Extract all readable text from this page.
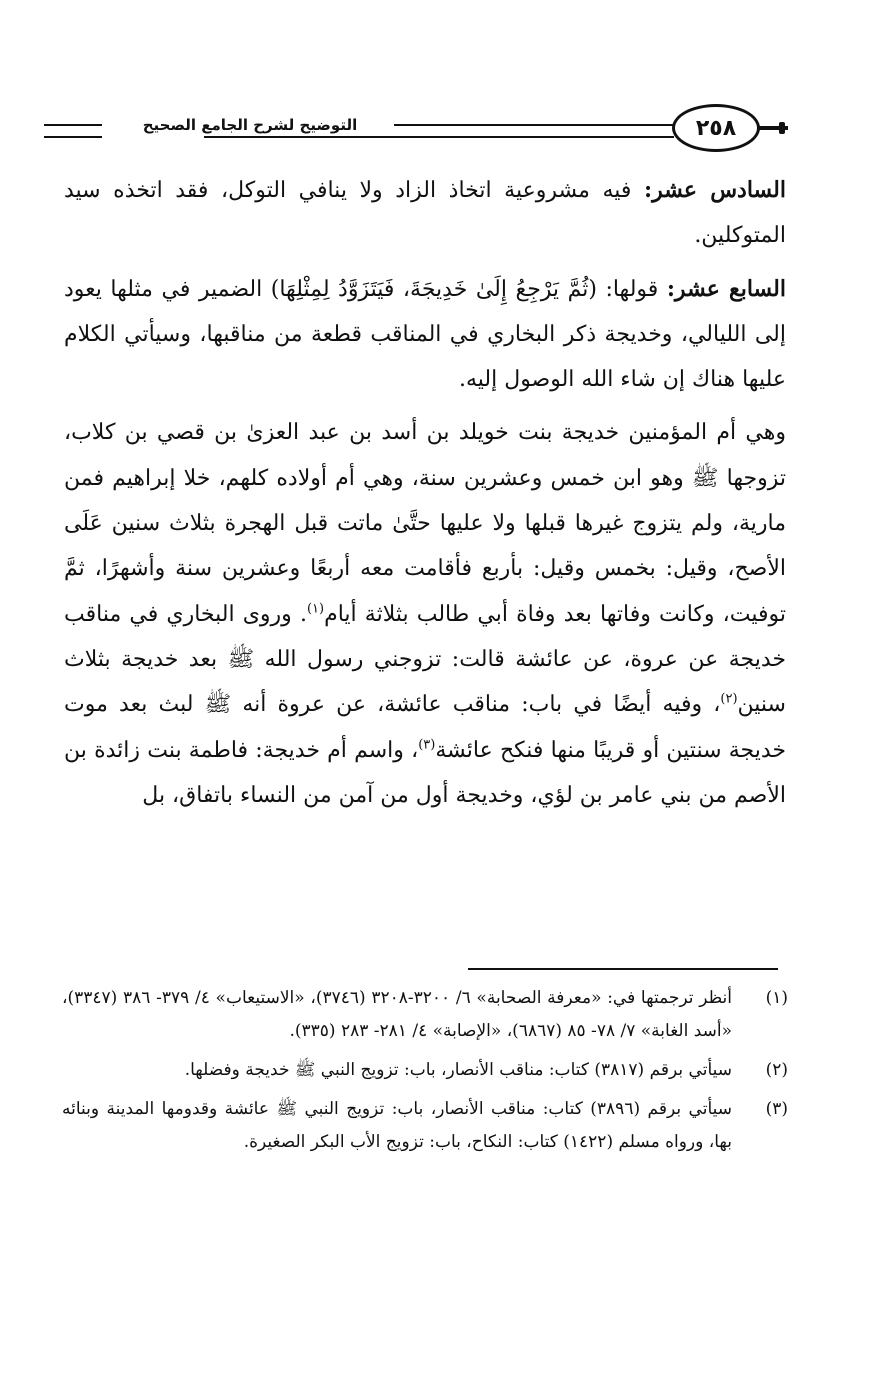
التوضيح لشرح الجامع الصحيح	٢٥٨

السادس عشر: فيه مشروعية اتخاذ الزاد ولا ينافي التوكل، فقد اتخذه سيد المتوكلين.

السابع عشر: قولها: (ثُمَّ يَرْجِعُ إِلَىٰ خَدِيجَةَ، فَيَتَزَوَّدُ لِمِثْلِهَا) الضمير في مثلها يعود إلى الليالي، وخديجة ذكر البخاري في المناقب قطعة من مناقبها، وسيأتي الكلام عليها هناك إن شاء الله الوصول إليه.

وهي أم المؤمنين خديجة بنت خويلد بن أسد بن عبد العزىٰ بن قصي بن كلاب، تزوجها ﷺ وهو ابن خمس وعشرين سنة، وهي أم أولاده كلهم، خلا إبراهيم فمن مارية، ولم يتزوج غيرها قبلها ولا عليها حتَّىٰ ماتت قبل الهجرة بثلاث سنين عَلَى الأصح، وقيل: بخمس وقيل: بأربع فأقامت معه أربعًا وعشرين سنة وأشهرًا، ثمَّ توفيت، وكانت وفاتها بعد وفاة أبي طالب بثلاثة أيام$^{(١)}$. وروى البخاري في مناقب خديجة عن عروة، عن عائشة قالت: تزوجني رسول الله ﷺ بعد خديجة بثلاث سنين$^{(٢)}$، وفيه أيضًا في باب: مناقب عائشة، عن عروة أنه ﷺ لبث بعد موت خديجة سنتين أو قريبًا منها فنكح عائشة$^{(٣)}$، واسم أم خديجة: فاطمة بنت زائدة بن الأصم من بني عامر بن لؤي، وخديجة أول من آمن من النساء باتفاق، بل

(١)
أنظر ترجمتها في: «معرفة الصحابة» ٦/ ٣٢٠٠-٣٢٠٨ (٣٧٤٦)، «الاستيعاب» ٤/ ٣٧٩- ٣٨٦ (٣٣٤٧)، «أسد الغابة» ٧/ ٧٨- ٨٥ (٦٨٦٧)، «الإصابة» ٤/ ٢٨١- ٢٨٣ (٣٣٥).
(٢)
سيأتي برقم (٣٨١٧) كتاب: مناقب الأنصار، باب: تزويج النبي ﷺ خديجة وفضلها.
(٣)
سيأتي برقم (٣٨٩٦) كتاب: مناقب الأنصار، باب: تزويج النبي ﷺ عائشة وقدومها المدينة وبنائه بها، ورواه مسلم (١٤٢٢) كتاب: النكاح، باب: تزويج الأب البكر الصغيرة.
